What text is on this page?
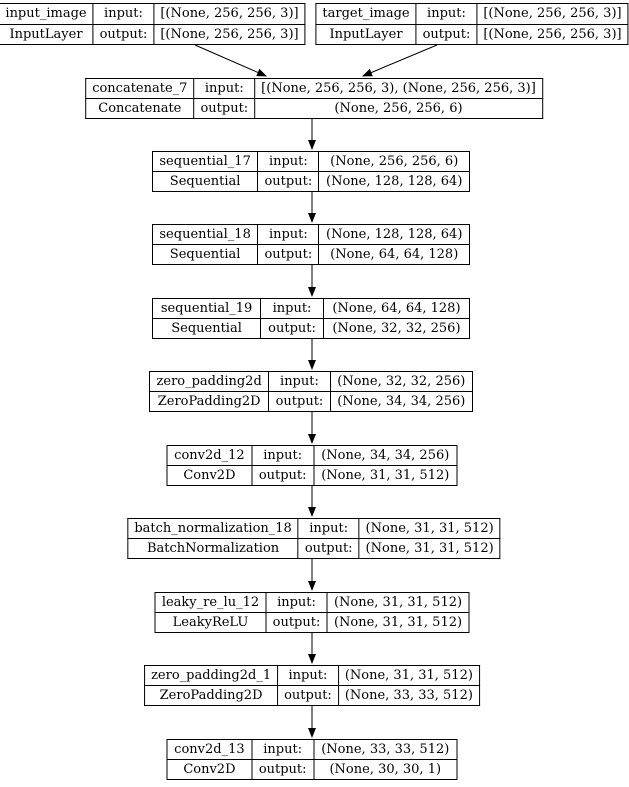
input_image	input:	[(None, 256, 256, 3)]
InputLayer	output:	[(None, 256, 256, 3)]
target_image	input:	[(None, 256, 256, 3)]
InputLayer	output:	[(None, 256, 256, 3)]
concatenate_7	input:	[(None, 256, 256, 3), (None, 256, 256, 3)]
Concatenate	output:	(None, 256, 256, 6)
sequential_17	input:	(None, 256, 256, 6)
Sequential	output:	(None, 128, 128, 64)
sequential_18	input:	(None, 128, 128, 64)
Sequential	output:	(None, 64, 64, 128)
sequential_19	input:	(None, 64, 64, 128)
Sequential	output:	(None, 32, 32, 256)
zero_padding2d	input:	(None, 32, 32, 256)
ZeroPadding2D	output:	(None, 34, 34, 256)
conv2d_12	input:	(None, 34, 34, 256)
Conv2D	output:	(None, 31, 31, 512)
batch_normalization_18	input:	(None, 31, 31, 512)
BatchNormalization	output:	(None, 31, 31, 512)
leaky_re_lu_12	input:	(None, 31, 31, 512)
LeakyReLU	output:	(None, 31, 31, 512)
zero_padding2d_1	input:	(None, 31, 31, 512)
ZeroPadding2D	output:	(None, 33, 33, 512)
conv2d_13	input:	(None, 33, 33, 512)
Conv2D	output:	(None, 30, 30, 1)
